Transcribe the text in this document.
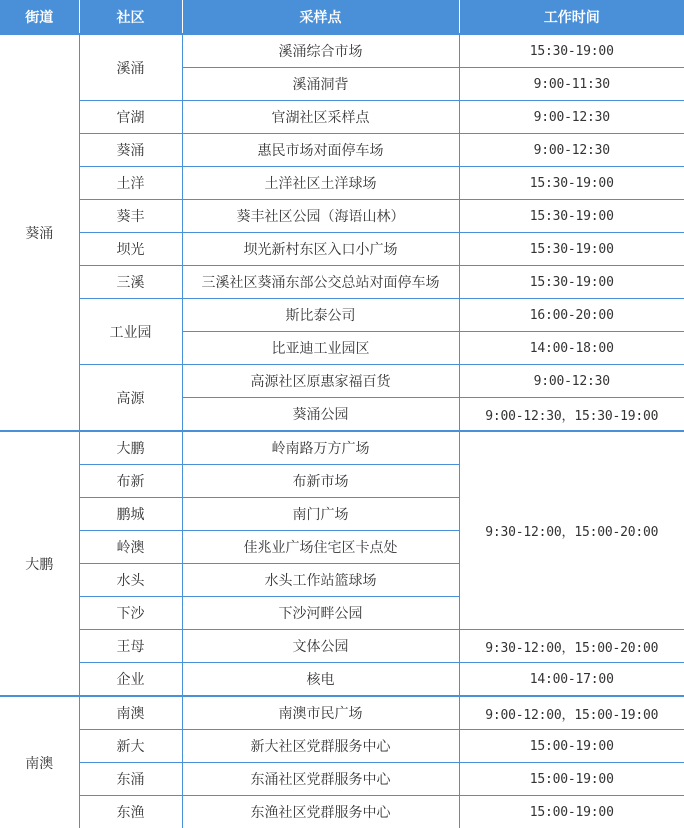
街道	社区	采样点	工作时间
葵涌	溪涌	溪涌综合市场	15:30-19:00
		溪涌洞背	9:00-11:30
	官湖	官湖社区采样点	9:00-12:30
	葵涌	惠民市场对面停车场	9:00-12:30
	土洋	土洋社区土洋球场	15:30-19:00
	葵丰	葵丰社区公园（海语山林）	15:30-19:00
	坝光	坝光新村东区入口小广场	15:30-19:00
	三溪	三溪社区葵涌东部公交总站对面停车场	15:30-19:00
	工业园	斯比泰公司	16:00-20:00
		比亚迪工业园区	14:00-18:00
	高源	高源社区原惠家福百货	9:00-12:30
		葵涌公园	9:00-12:30，15:30-19:00
大鹏	大鹏	岭南路万方广场	9:30-12:00，15:00-20:00
	布新	布新市场	
	鹏城	南门广场	
	岭澳	佳兆业广场住宅区卡点处	
	水头	水头工作站篮球场	
	下沙	下沙河畔公园	
	王母	文体公园	9:30-12:00，15:00-20:00
	企业	核电	14:00-17:00
南澳	南澳	南澳市民广场	9:00-12:00，15:00-19:00
	新大	新大社区党群服务中心	15:00-19:00
	东涌	东涌社区党群服务中心	15:00-19:00
	东渔	东渔社区党群服务中心	15:00-19:00
